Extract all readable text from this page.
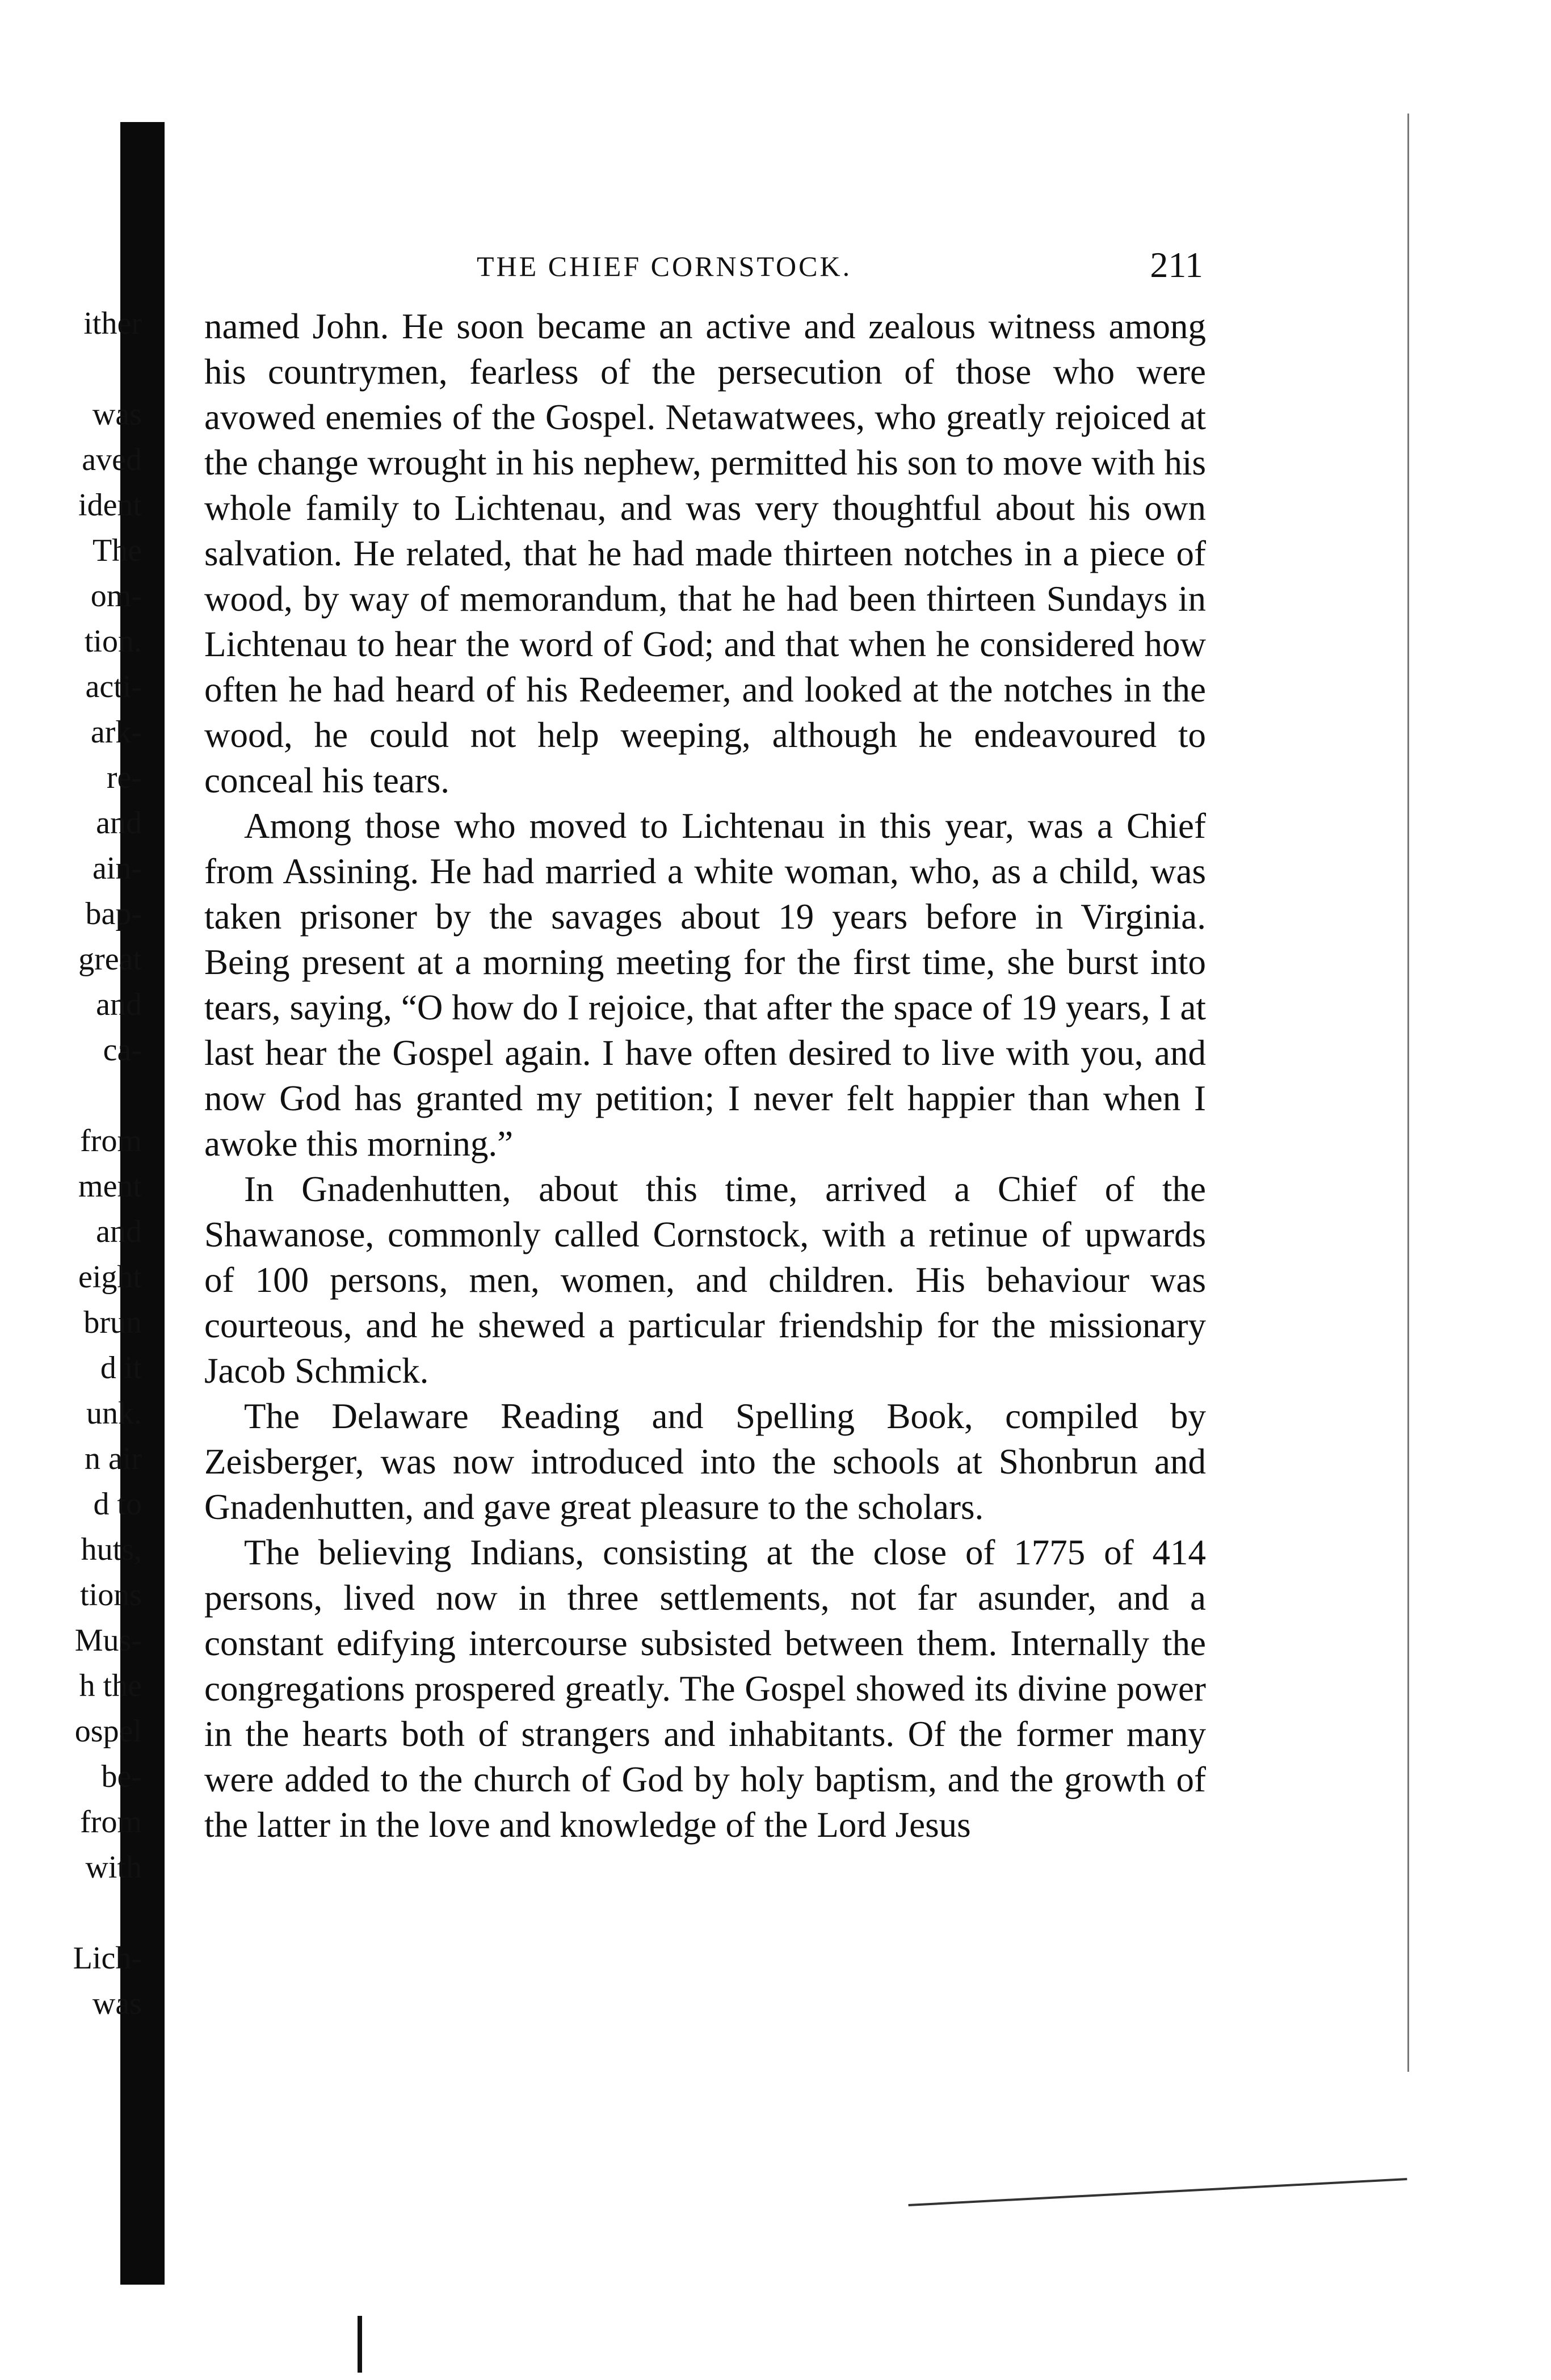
ither
was
aved
ident
The
om-
tion.
acti-
ark-
re-
and
ain-
bap-
great
and
ca-
from
ment
and
eight
brun
d it
unk.
n air
d to
huts,
tions
Mus-
h the
ospel
be-
from
with
Lich-
was
THE CHIEF CORNSTOCK.	211

named John. He soon became an active and zealous witness among his countrymen, fearless of the persecution of those who were avowed enemies of the Gospel. Netawatwees, who greatly rejoiced at the change wrought in his nephew, permitted his son to move with his whole family to Lichtenau, and was very thoughtful about his own salvation. He related, that he had made thirteen notches in a piece of wood, by way of memorandum, that he had been thirteen Sundays in Lichtenau to hear the word of God; and that when he considered how often he had heard of his Redeemer, and looked at the notches in the wood, he could not help weeping, although he endeavoured to conceal his tears.

Among those who moved to Lichtenau in this year, was a Chief from Assining. He had married a white woman, who, as a child, was taken prisoner by the savages about 19 years before in Virginia. Being present at a morning meeting for the first time, she burst into tears, saying, “O how do I rejoice, that after the space of 19 years, I at last hear the Gospel again. I have often desired to live with you, and now God has granted my petition; I never felt happier than when I awoke this morning.”

In Gnadenhutten, about this time, arrived a Chief of the Shawanose, commonly called Cornstock, with a retinue of upwards of 100 persons, men, women, and children. His behaviour was courteous, and he shewed a particular friendship for the missionary Jacob Schmick.

The Delaware Reading and Spelling Book, compiled by Zeisberger, was now introduced into the schools at Shonbrun and Gnadenhutten, and gave great pleasure to the scholars.

The believing Indians, consisting at the close of 1775 of 414 persons, lived now in three settlements, not far asunder, and a constant edifying intercourse subsisted between them. Internally the congregations prospered greatly. The Gospel showed its divine power in the hearts both of strangers and inhabitants. Of the former many were added to the church of God by holy baptism, and the growth of the latter in the love and knowledge of the Lord Jesus
